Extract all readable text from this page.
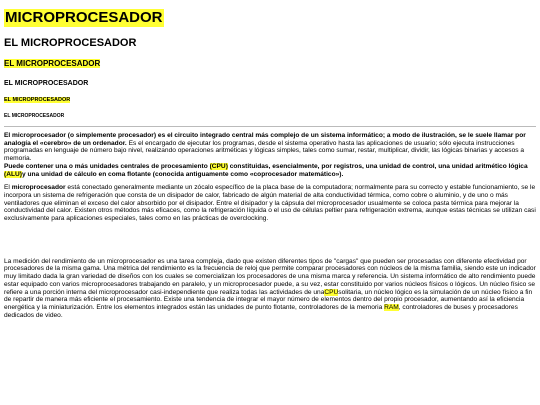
MICROPROCESADOR
EL MICROPROCESADOR
EL MICROPROCESADOR
EL MICROPROCESADOR
EL MICROPROCESADOR
EL MICROPROCESADOR

El microprocesador (o simplemente procesador) es el circuito integrado central más complejo de un sistema informático; a modo de ilustración, se le suele llamar por analogía el «cerebro» de un ordenador. Es el encargado de ejecutar los programas, desde el sistema operativo hasta las aplicaciones de usuario; sólo ejecuta instrucciones programadas en lenguaje de número bajo nivel, realizando operaciones aritméticas y lógicas simples, tales como sumar, restar, multiplicar, dividir, las lógicas binarias y accesos a memoria.

Puede contener una o más unidades centrales de procesamiento (CPU) constituidas, esencialmente, por registros, una unidad de control, una unidad aritmético lógica (ALU)y una unidad de cálculo en coma flotante (conocida antiguamente como «coprocesador matemático»).

El microprocesador está conectado generalmente mediante un zócalo específico de la placa base de la computadora; normalmente para su correcto y estable funcionamiento, se le incorpora un sistema de refrigeración que consta de un disipador de calor, fabricado de algún material de alta conductividad térmica, como cobre o aluminio, y de uno o más ventiladores que eliminan el exceso del calor absorbido por el disipador. Entre el disipador y la cápsula del microprocesador usualmente se coloca pasta térmica para mejorar la conductividad del calor. Existen otros métodos más eficaces, como la refrigeración líquida o el uso de células peltier para refrigeración extrema, aunque estas técnicas se utilizan casi exclusivamente para aplicaciones especiales, tales como en las prácticas de overclocking.

La medición del rendimiento de un microprocesador es una tarea compleja, dado que existen diferentes tipos de "cargas" que pueden ser procesadas con diferente efectividad por procesadores de la misma gama. Una métrica del rendimiento es la frecuencia de reloj que permite comparar procesadores con núcleos de la misma familia, siendo este un indicador muy limitado dada la gran variedad de diseños con los cuales se comercializan los procesadores de una misma marca y referencia. Un sistema informático de alto rendimiento puede estar equipado con varios microprocesadores trabajando en paralelo, y un microprocesador puede, a su vez, estar constituido por varios núcleos físicos o lógicos. Un núcleo físico se refiere a una porción interna del microprocesador casi-independiente que realiza todas las actividades de unaCPUsolitaria, un núcleo lógico es la simulación de un núcleo físico a fin de repartir de manera más eficiente el procesamiento. Existe una tendencia de integrar el mayor número de elementos dentro del propio procesador, aumentando así la eficiencia energética y la miniaturización. Entre los elementos integrados están las unidades de punto flotante, controladores de la memoria RAM, controladores de buses y procesadores dedicados de video.
